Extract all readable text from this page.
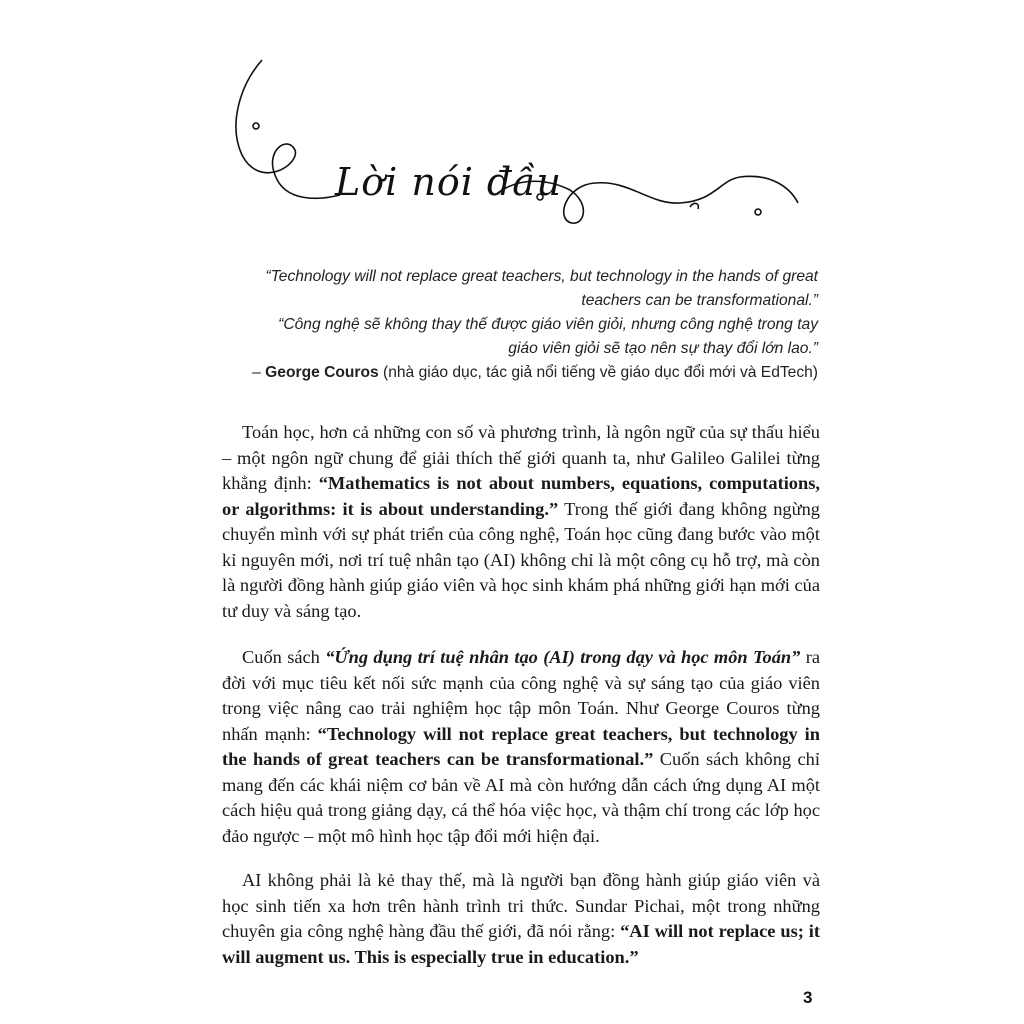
Lời nói đầu
“Technology will not replace great teachers, but technology in the hands of great
teachers can be transformational.”
“Công nghệ sẽ không thay thế được giáo viên giỏi, nhưng công nghệ trong tay
giáo viên giỏi sẽ tạo nên sự thay đổi lớn lao.”
– George Couros (nhà giáo dục, tác giả nổi tiếng về giáo dục đổi mới và EdTech)

Toán học, hơn cả những con số và phương trình, là ngôn ngữ của sự thấu hiểu – một ngôn ngữ chung để giải thích thế giới quanh ta, như Galileo Galilei từng khẳng định: “Mathematics is not about numbers, equations, computations, or algorithms: it is about understanding.” Trong thế giới đang không ngừng chuyển mình với sự phát triển của công nghệ, Toán học cũng đang bước vào một kỉ nguyên mới, nơi trí tuệ nhân tạo (AI) không chỉ là một công cụ hỗ trợ, mà còn là người đồng hành giúp giáo viên và học sinh khám phá những giới hạn mới của tư duy và sáng tạo.

Cuốn sách “Ứng dụng trí tuệ nhân tạo (AI) trong dạy và học môn Toán” ra đời với mục tiêu kết nối sức mạnh của công nghệ và sự sáng tạo của giáo viên trong việc nâng cao trải nghiệm học tập môn Toán. Như George Couros từng nhấn mạnh: “Technology will not replace great teachers, but technology in the hands of great teachers can be transformational.” Cuốn sách không chỉ mang đến các khái niệm cơ bản về AI mà còn hướng dẫn cách ứng dụng AI một cách hiệu quả trong giảng dạy, cá thể hóa việc học, và thậm chí trong các lớp học đảo ngược – một mô hình học tập đổi mới hiện đại.

AI không phải là kẻ thay thế, mà là người bạn đồng hành giúp giáo viên và học sinh tiến xa hơn trên hành trình tri thức. Sundar Pichai, một trong những chuyên gia công nghệ hàng đầu thế giới, đã nói rằng: “AI will not replace us; it will augment us. This is especially true in education.”

3
